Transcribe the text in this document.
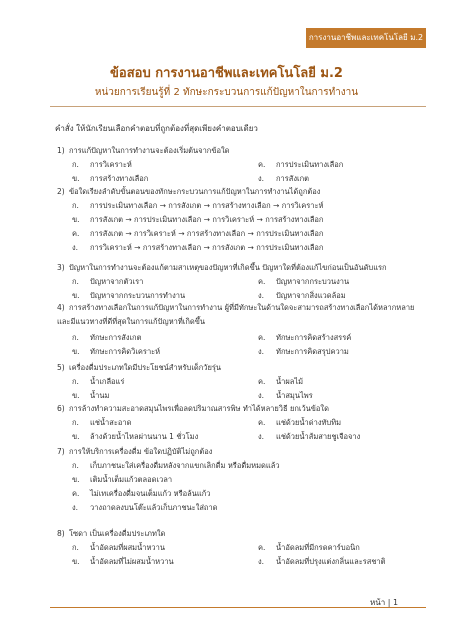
การงานอาชีพและเทคโนโลยี ม.2
ข้อสอบ การงานอาชีพและเทคโนโลยี ม.2
หน่วยการเรียนรู้ที่ 2 ทักษะกระบวนการแก้ปัญหาในการทำงาน
คำสั่ง ให้นักเรียนเลือกคำตอบที่ถูกต้องที่สุดเพียงคำตอบเดียว
1) การแก้ปัญหาในการทำงานจะต้องเริ่มต้นจากข้อใด
ก. การวิเคราะห์	ค. การประเมินทางเลือก
ข. การสร้างทางเลือก	ง. การสังเกต
2) ข้อใดเรียงลำดับขั้นตอนของทักษะกระบวนการแก้ปัญหาในการทำงานได้ถูกต้อง
ก. การประเมินทางเลือก → การสังเกต → การสร้างทางเลือก → การวิเคราะห์
ข. การสังเกต → การประเมินทางเลือก → การวิเคราะห์ → การสร้างทางเลือก
ค. การสังเกต → การวิเคราะห์ → การสร้างทางเลือก → การประเมินทางเลือก
ง. การวิเคราะห์ → การสร้างทางเลือก → การสังเกต → การประเมินทางเลือก
3) ปัญหาในการทำงานจะต้องแก้ตามสาเหตุของปัญหาที่เกิดขึ้น ปัญหาใดที่ต้องแก้ไขก่อนเป็นอันดับแรก
ก. ปัญหาจากตัวเรา	ค. ปัญหาจากกระบวนงาน
ข. ปัญหาจากกระบวนการทำงาน	ง. ปัญหาจากสิ่งแวดล้อม
4) การสร้างทางเลือกในการแก้ปัญหาในการทำงาน ผู้ที่มีทักษะในด้านใดจะสามารถสร้างทางเลือกได้หลากหลาย
และมีแนวทางที่ดีที่สุดในการแก้ปัญหาที่เกิดขึ้น
ก. ทักษะการสังเกต	ค. ทักษะการคิดสร้างสรรค์
ข. ทักษะการคิดวิเคราะห์	ง. ทักษะการคิดสรุปความ
5) เครื่องดื่มประเภทใดมีประโยชน์สำหรับเด็กวัยรุ่น
ก. น้ำเกลือแร่	ค. น้ำผลไม้
ข. น้ำนม	ง. น้ำสมุนไพร
6) การล้างทำความสะอาดสมุนไพรเพื่อลดปริมาณสารพิษ ทำได้หลายวิธี ยกเว้นข้อใด
ก. แช่น้ำสะอาด	ค. แช่ด้วยน้ำด่างทับทิม
ข. ล้างด้วยน้ำไหลผ่านนาน 1 ชั่วโมง	ง. แช่ด้วยน้ำส้มสายชูเจือจาง
7) การให้บริการเครื่องดื่ม ข้อใดปฏิบัติไม่ถูกต้อง
ก. เก็บภาชนะใส่เครื่องดื่มหลังจากแขกเลิกดื่ม หรือดื่มหมดแล้ว
ข. เติมน้ำเต็มแก้วตลอดเวลา
ค. ไม่เทเครื่องดื่มจนเต็มแก้ว หรือล้นแก้ว
ง. วางถาดลงบนโต๊ะแล้วเก็บภาชนะใส่ถาด
8) โซดา เป็นเครื่องดื่มประเภทใด
ก. น้ำอัดลมที่ผสมน้ำหวาน	ค. น้ำอัดลมที่มีกรดคาร์บอนิก
ข. น้ำอัดลมที่ไม่ผสมน้ำหวาน	ง. น้ำอัดลมที่ปรุงแต่งกลิ่นและรสชาติ
หน้า | 1
